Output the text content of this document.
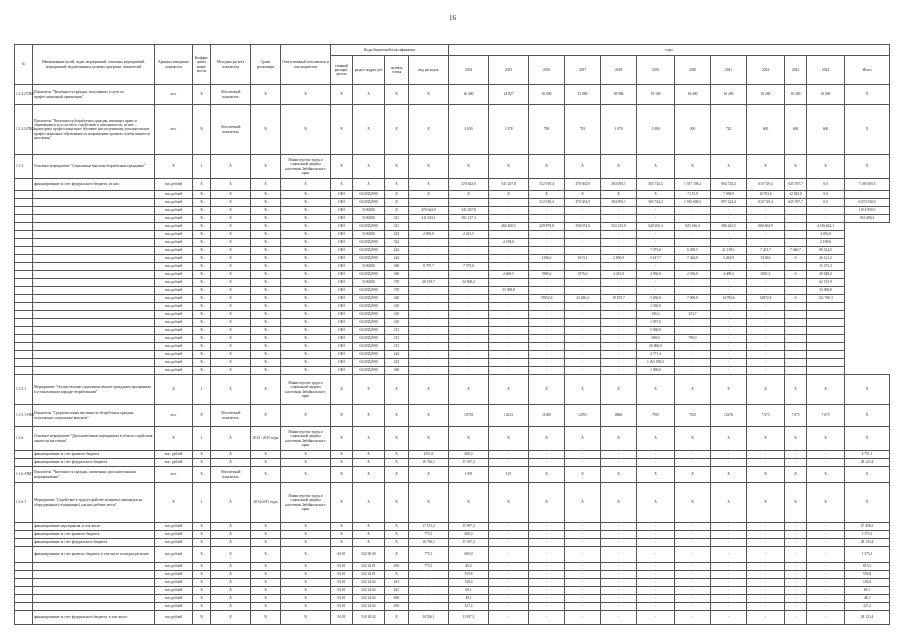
16
№	Наименование целей, задач, мероприятий, основных мероприятий, мероприятий, ведомственных целевых программ, показателей	Единица измерения показателя	Коэффи-циент значи-мости	Методика расчета показателя	Сроки реализации	Ответственный исполнитель и соисполнители	Коды бюджетной классификации				годы											
							главный распоря-дитель	раздел подраз-дел	целевая статья	вид расходов	2014	2015	2016	2017	2018	2019	2020	2021	2022	2023	2024	Итого
1.1.4.2-ПМ1	Показатель "Численность граждан, получивших услуги по профессиональной ориентации"	чел.	X	Абсолютный показатель	X	X	X	X	X	X	26 400	24 827	16 000	15 000	38 086	19 100	16 200	16 200	16 200	16 200	16 200	X
1.1.4.2-ПМ2	Показатель "Численность безработных граждан, имеющих право и обратившихся за услугой по содействию в самозанятости, из них ... прошедших профессиональное обучение или получивших дополнительное профессиональное образование по направлению органов службы занятости населения"	чел.	X	Абсолютный показатель	X	X	X	X	X	X	2 650	1 278	790	781	1 070	1 000	300	720	600	600	600	X
1.1.5.	Основное мероприятие "Социальные выплаты безработным гражданам"	X	1	X	X	Министерство труда и социальной защиты населения Забайкальского края	X	X	X	X	X	X	X	X	X	X	X	X	X	X	X	X
	финансирование за счет федерального бюджета, из них:	тыс.рублей	X	X	X	X	X	X	X	X	470 642,0	541 207,8	512 918,4	470 304,9	384 093,1	565 724,3	1 917 708,2	904 724,4	610 729,4	625 597,7	0,0	7 100 360,5
		тыс.рублей	X	X	X	X	1003	0410352900	X	X	X	X	X	X	X	X	7 115,9	7 508,9	10 702,6	12 925,0	9,0	
		тыс.рублей	X	X	X	X	1003	0410352900	X	-	-	-	512 918,4	470 304,9	384 093,1	565 724,3	1 910 608,3	897 224,4	610 729,4	625 597,7	0,0	6 074 530,0
		тыс.рублей	X	X	X	X	1003	5100200	X	470 642,0	541 207,8	-	-	-	-	-	-	-	-	-	-	1 011 850,3
		тыс.рублей	X	X	X	X	1003	5100200	321	411 543,1	501 137,3	-	-	-	-	-	-	-	-	-	-	912 680,4
		тыс.рублей	X	X	X	X	1003	0410352900	321	-	-	482 460,5	429 879,8	358 074,6	532 215,0	629 203,3	925 166,3	586 263,5	600 602,9	-	4 516 622,1	
		тыс.рублей	X	X	X	X	1003	5100200	323	2 093,0	2 413,5	-	-	-	-	-	-	-	-	-	4 056,9	
		тыс.рублей	X	X	X	X	1003	0410352900	322	-	-	2 108,6	-	-	-	-	-	-	-	-	2 108,6	
		тыс.рублей	X	X	X	X	1003	0410352900	242	-	-	-	-	-	-	7 373,0	6 285,5	21 158,1	7 431,7	7 646,7	80 324,5	
		тыс.рублей	X	X	X	X	1003	0410352900	244	-	-	-	2196,2	1673,1	2 650,0	5 617,7	7 444,0	5 263,9	5318,6	0	26 121,2	
		тыс.рублей	X	X	X	X	1003	5100200	360	8 797,7	7 575,6	-	-	-	-	-	-	-	-	-	15 373,3	
		тыс.рублей	X	X	X	X	1003	0410352900	360	-	-	2 669,5	1980,2	3576,6	4 431,9	4 950,0	2 556,0	4 498,3	4581,5	0	29 028,2	
		тыс.рублей	X	X	X	X	1003	5100200	370	28 159,7	34 568,2	-	-	-	-	-	-	-	-	-	62 515,9	
		тыс.рублей	X	X	X	X	1003	0410352900	370	-	-	33 308,8	-	-	-	-	-	-	-	-	33 308,8	
		тыс.рублей	X	X	X	X	1003	0410352900	320	-	-	-	37852,6	23 456,4	19 675,7	5 650,0	7 000,0	14 782,6	14872,8	0	121 760,3	
		тыс.рублей	X	X	X	X	1003	0410352900	310	-	-	-	-	-	-	1 330,9	-	-	-	-		
		тыс.рублей	X	X	X	X	1003	0410352900	310	-	-	-	-	-	-	196,3	253,7	-	-	-		
		тыс.рублей	X	X	X	X	1003	0410352900	310	-	-	-	-	-	-	1 057,0	-	-	-	-		
		тыс.рублей	X	X	X	X	1003	0410352900	313	-	-	-	-	-	-	5 560,0	-	-	-	-		
		тыс.рублей	X	X	X	X	1003	0410352900	313	-	-	-	-	-	-	698,0	799,3	-	-	-		
		тыс.рублей	X	X	X	X	1003	0410352900	313	-	-	-	-	-	-	20 000,0	-	-	-	-		
		тыс.рублей	X	X	X	X	1003	0410352900	244	-	-	-	-	-	-	4 771,4	-	-	-	-		
		тыс.рублей	X	X	X	X	1003	0410352900	323	-	-	-	-	-	-	1 261 092,5	-	-	-	-		
		тыс.рублей	X	X	X	X	1003	0410352900	360	-	-	-	-	-	-	1 000,0	-	-	-	-		
1.1.5.1	Мероприятие "Осуществление социальных выплат гражданам, признанным в установленном порядке безработными"	X	1	X	X	Министерство труда и социальной защиты населения Забайкальского края	X	X	X	X	X	X	X	X	X	X	X	X	X	X	X	X
1.1.5.1-ПМ1	Показатель "Среднемесячная численность безработных граждан, получающих социальные выплаты"	чел.	X	Абсолютный показатель	X	X	X	X	X	X	10758	14123	11300	12591	8668	7915	7015	12276	7 673	7 673	7 673	X
1.1.6.	Основное мероприятие "Дополнительные мероприятия в области содействия занятости населения"	X	1	X	2014 - 2015 годы	Министерство труда и социальной защиты населения Забайкальского края	X	X	X	X	X	X	X	X	X	X	X	X	X	X	X	X
	финансирование за счет краевого бюджета	тыс. рублей	X	X	X	X	X	X	X	4151,0	600,0	-	-	-	-	-	-	-	-	-	-	4 751,1
	финансирование за счет федерального бюджета	тыс. рублей	X	X	X	X	X	X	X	16 726,1	11 397,3	-	-	-	-	-	-	-	-	-	-	28 123,4
1.1.6.-ПМ1	Показатель "Численность граждан, охваченных дополнительными мероприятиями"	чел.	X	Абсолютный показатель	X	X	X	X	X	X	1 091	135	X	X	X	X	X	X	X	X	X	X
1.1.6.1	Мероприятие "Содействие в трудоустройстве незанятых инвалидов на оборудованные (оснащенные) для них рабочие места"	X	1	X	2014-2015 годы	Министерство труда и социальной защиты населения Забайкальского края	X	X	X	X	X	X	X	X	X	X	X	X	X	X	X	X
	финансирование мероприятия, в том числе:	тыс.рублей	X	X	X	X	X	X	X	17 511,2	11 997,3	-	-	-	-	-	-	-	-	-	-	27 498,5
	финансирование за счет краевого бюджета,	тыс.рублей	X	X	X	X	X	X	X	775,1	600,0	-	-	-	-	-	-	-	-	-	-	1 375,1
	финансирование за счет федерального бюджета	тыс.рублей	X	X	X	X	X	X	X	16 736,1	11 397,3	-	-	-	-	-	-	-	-	-	-	28 133,4
	финансирование за счет краевого бюджета, в том числе по видам расходов:	тыс.рублей	X	X	X	X	04 01	522 00 00	X	775,1	600,0	-	-	-	-	-	-	-	-	-	-	1 375,1
		тыс.рублей	X	X	X	X	04 01	522 24 01	810	775,1	40,2	-	-	-	-	-	-	-	-	-	-	815,3
		тыс.рублей	X	X	X	X	04 01	522 24 01	X	-	559,8	-	-	-	-	-	-	-	-	-	-	559,8
		тыс.рублей	X	X	X	X	04 01	522 24 02	611	-	149,4	-	-	-	-	-	-	-	-	-	-	149,4
		тыс.рублей	X	X	X	X	04 01	522 24 02	621	-	69,1	-	-	-	-	-	-	-	-	-	-	69,1
		тыс.рублей	X	X	X	X	04 01	522 24 02	630	-	48,1	-	-	-	-	-	-	-	-	-	-	48,1
		тыс.рублей	X	X	X	X	04 01	522 24 02	810	-	327,2	-	-	-	-	-	-	-	-	-	-	327,2
	финансирование за счет федерального бюджета, в том числе:	тыс.рублей	X	X	X	X	04 01	510 20 02	X	16726,1	11397,3	-	-	-	-	-	-	-	-	-	-	28 123,4
